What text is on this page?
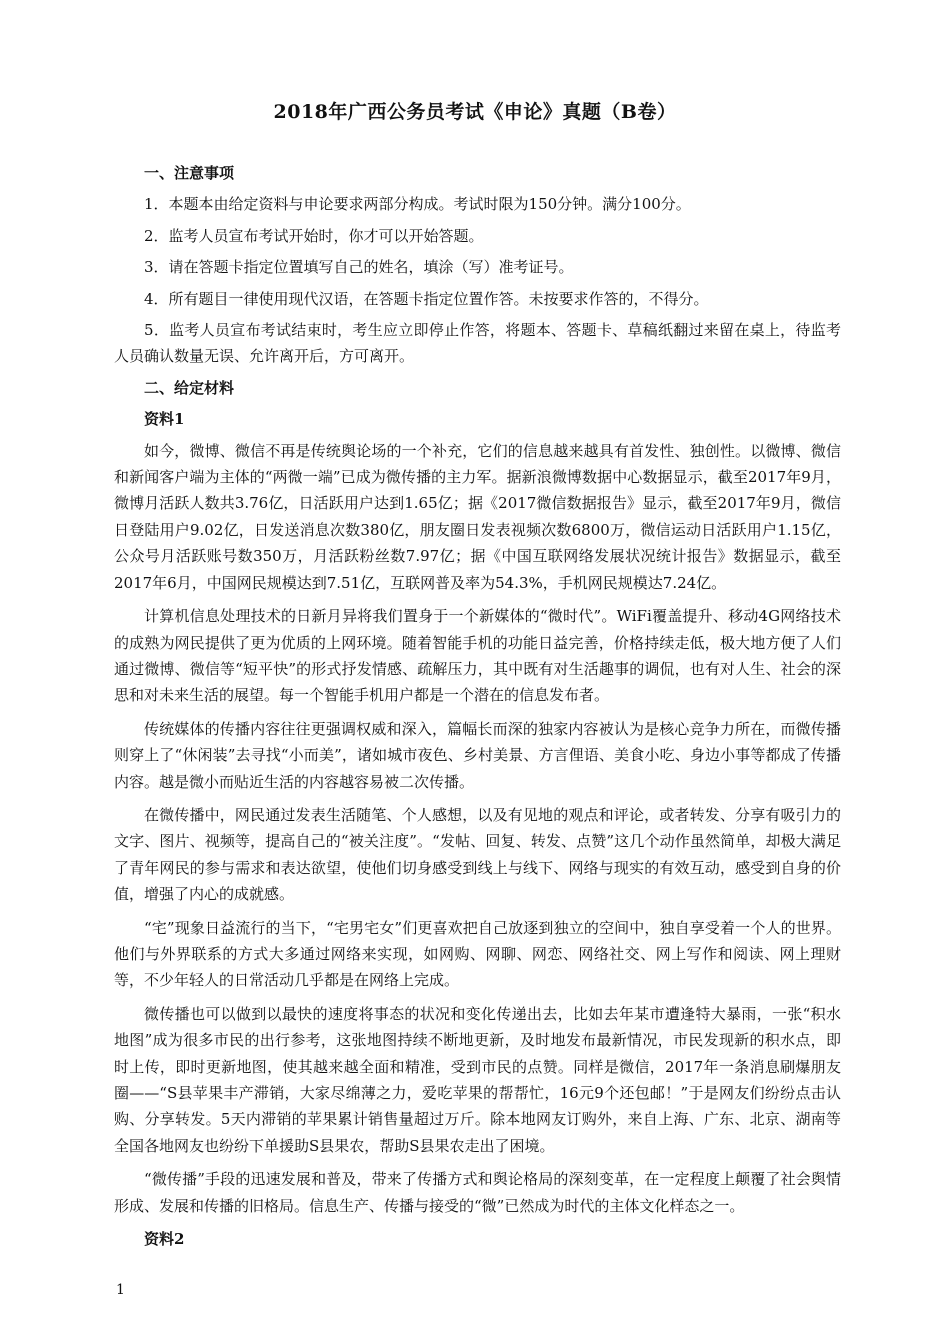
2018年广西公务员考试《申论》真题（B卷）
一、注意事项
1．本题本由给定资料与申论要求两部分构成。考试时限为150分钟。满分100分。
2．监考人员宣布考试开始时，你才可以开始答题。
3．请在答题卡指定位置填写自己的姓名，填涂（写）准考证号。
4．所有题目一律使用现代汉语，在答题卡指定位置作答。未按要求作答的，不得分。
5．监考人员宣布考试结束时，考生应立即停止作答，将题本、答题卡、草稿纸翻过来留在桌上，待监考人员确认数量无误、允许离开后，方可离开。
二、给定材料
资料1
如今，微博、微信不再是传统舆论场的一个补充，它们的信息越来越具有首发性、独创性。以微博、微信和新闻客户端为主体的“两微一端”已成为微传播的主力军。据新浪微博数据中心数据显示，截至2017年9月，微博月活跃人数共3.76亿，日活跃用户达到1.65亿；据《2017微信数据报告》显示，截至2017年9月，微信日登陆用户9.02亿，日发送消息次数380亿，朋友圈日发表视频次数6800万，微信运动日活跃用户1.15亿，公众号月活跃账号数350万，月活跃粉丝数7.97亿；据《中国互联网络发展状况统计报告》数据显示，截至2017年6月，中国网民规模达到7.51亿，互联网普及率为54.3%，手机网民规模达7.24亿。
计算机信息处理技术的日新月异将我们置身于一个新媒体的“微时代”。WiFi覆盖提升、移动4G网络技术的成熟为网民提供了更为优质的上网环境。随着智能手机的功能日益完善，价格持续走低，极大地方便了人们通过微博、微信等“短平快”的形式抒发情感、疏解压力，其中既有对生活趣事的调侃，也有对人生、社会的深思和对未来生活的展望。每一个智能手机用户都是一个潜在的信息发布者。
传统媒体的传播内容往往更强调权威和深入，篇幅长而深的独家内容被认为是核心竞争力所在，而微传播则穿上了“休闲装”去寻找“小而美”，诸如城市夜色、乡村美景、方言俚语、美食小吃、身边小事等都成了传播内容。越是微小而贴近生活的内容越容易被二次传播。
在微传播中，网民通过发表生活随笔、个人感想，以及有见地的观点和评论，或者转发、分享有吸引力的文字、图片、视频等，提高自己的“被关注度”。“发帖、回复、转发、点赞”这几个动作虽然简单，却极大满足了青年网民的参与需求和表达欲望，使他们切身感受到线上与线下、网络与现实的有效互动，感受到自身的价值，增强了内心的成就感。
“宅”现象日益流行的当下，“宅男宅女”们更喜欢把自己放逐到独立的空间中，独自享受着一个人的世界。他们与外界联系的方式大多通过网络来实现，如网购、网聊、网恋、网络社交、网上写作和阅读、网上理财等，不少年轻人的日常活动几乎都是在网络上完成。
微传播也可以做到以最快的速度将事态的状况和变化传递出去，比如去年某市遭逢特大暴雨，一张“积水地图”成为很多市民的出行参考，这张地图持续不断地更新，及时地发布最新情况，市民发现新的积水点，即时上传，即时更新地图，使其越来越全面和精准，受到市民的点赞。同样是微信，2017年一条消息刷爆朋友圈——“S县苹果丰产滞销，大家尽绵薄之力，爱吃苹果的帮帮忙，16元9个还包邮！”于是网友们纷纷点击认购、分享转发。5天内滞销的苹果累计销售量超过万斤。除本地网友订购外，来自上海、广东、北京、湖南等全国各地网友也纷纷下单援助S县果农，帮助S县果农走出了困境。
“微传播”手段的迅速发展和普及，带来了传播方式和舆论格局的深刻变革，在一定程度上颠覆了社会舆情形成、发展和传播的旧格局。信息生产、传播与接受的“微”已然成为时代的主体文化样态之一。
资料2
1
